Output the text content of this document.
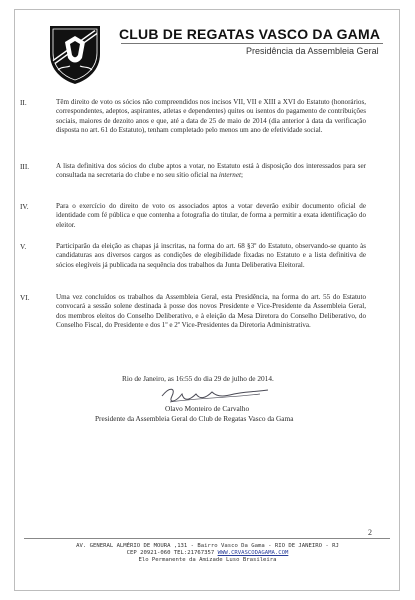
CLUB DE REGATAS VASCO DA GAMA
Presidência da Assembleia Geral
II.	Têm direito de voto os sócios não compreendidos nos incisos VII, VII e XIII a XVI do Estatuto (honorários, correspondentes, adeptos, aspirantes, atletas e dependentes) quites ou isentos do pagamento de contribuições sociais, maiores de dezoito anos e que, até a data de 25 de maio de 2014 (dia anterior à data da verificação disposta no art. 61 do Estatuto), tenham completado pelo menos um ano de efetividade social.

III.	A lista definitiva dos sócios do clube aptos a votar, no Estatuto está à disposição dos interessados para ser consultada na secretaria do clube e no seu sítio oficial na internet;

IV.	Para o exercício do direito de voto os associados aptos a votar deverão exibir documento oficial de identidade com fé pública e que contenha a fotografia do titular, de forma a permitir a exata identificação do eleitor.

V.	Participarão da eleição as chapas já inscritas, na forma do art. 68 §3º do Estatuto, observando-se quanto às candidaturas aos diversos cargos as condições de elegibilidade fixadas no Estatuto e a lista definitiva de sócios elegíveis já publicada na sequência dos trabalhos da Junta Deliberativa Eleitoral.

VI.	Uma vez concluídos os trabalhos da Assembleia Geral, esta Presidência, na forma do art. 55 do Estatuto convocará a sessão solene destinada à posse dos novos Presidente e Vice-Presidente da Assembleia Geral, dos membros eleitos do Conselho Deliberativo, e à eleição da Mesa Diretora do Conselho Deliberativo, do Conselho Fiscal, do Presidente e dos 1º e 2º Vice-Presidentes da Diretoria Administrativa.

Rio de Janeiro, as 16:55 do dia 29 de julho de 2014.
Olavo Monteiro de Carvalho
Presidente da Assembleia Geral do Club de Regatas Vasco da Gama
2
AV. GENERAL ALMÉRIO DE MOURA ,131 - Bairro Vasco Da Gama - RIO DE JANEIRO - RJ
CEP 20921-060 TEL:21767357 WWW.CRVASCODAGAMA.COM
Elo Permanente da Amizade Luso Brasileira
